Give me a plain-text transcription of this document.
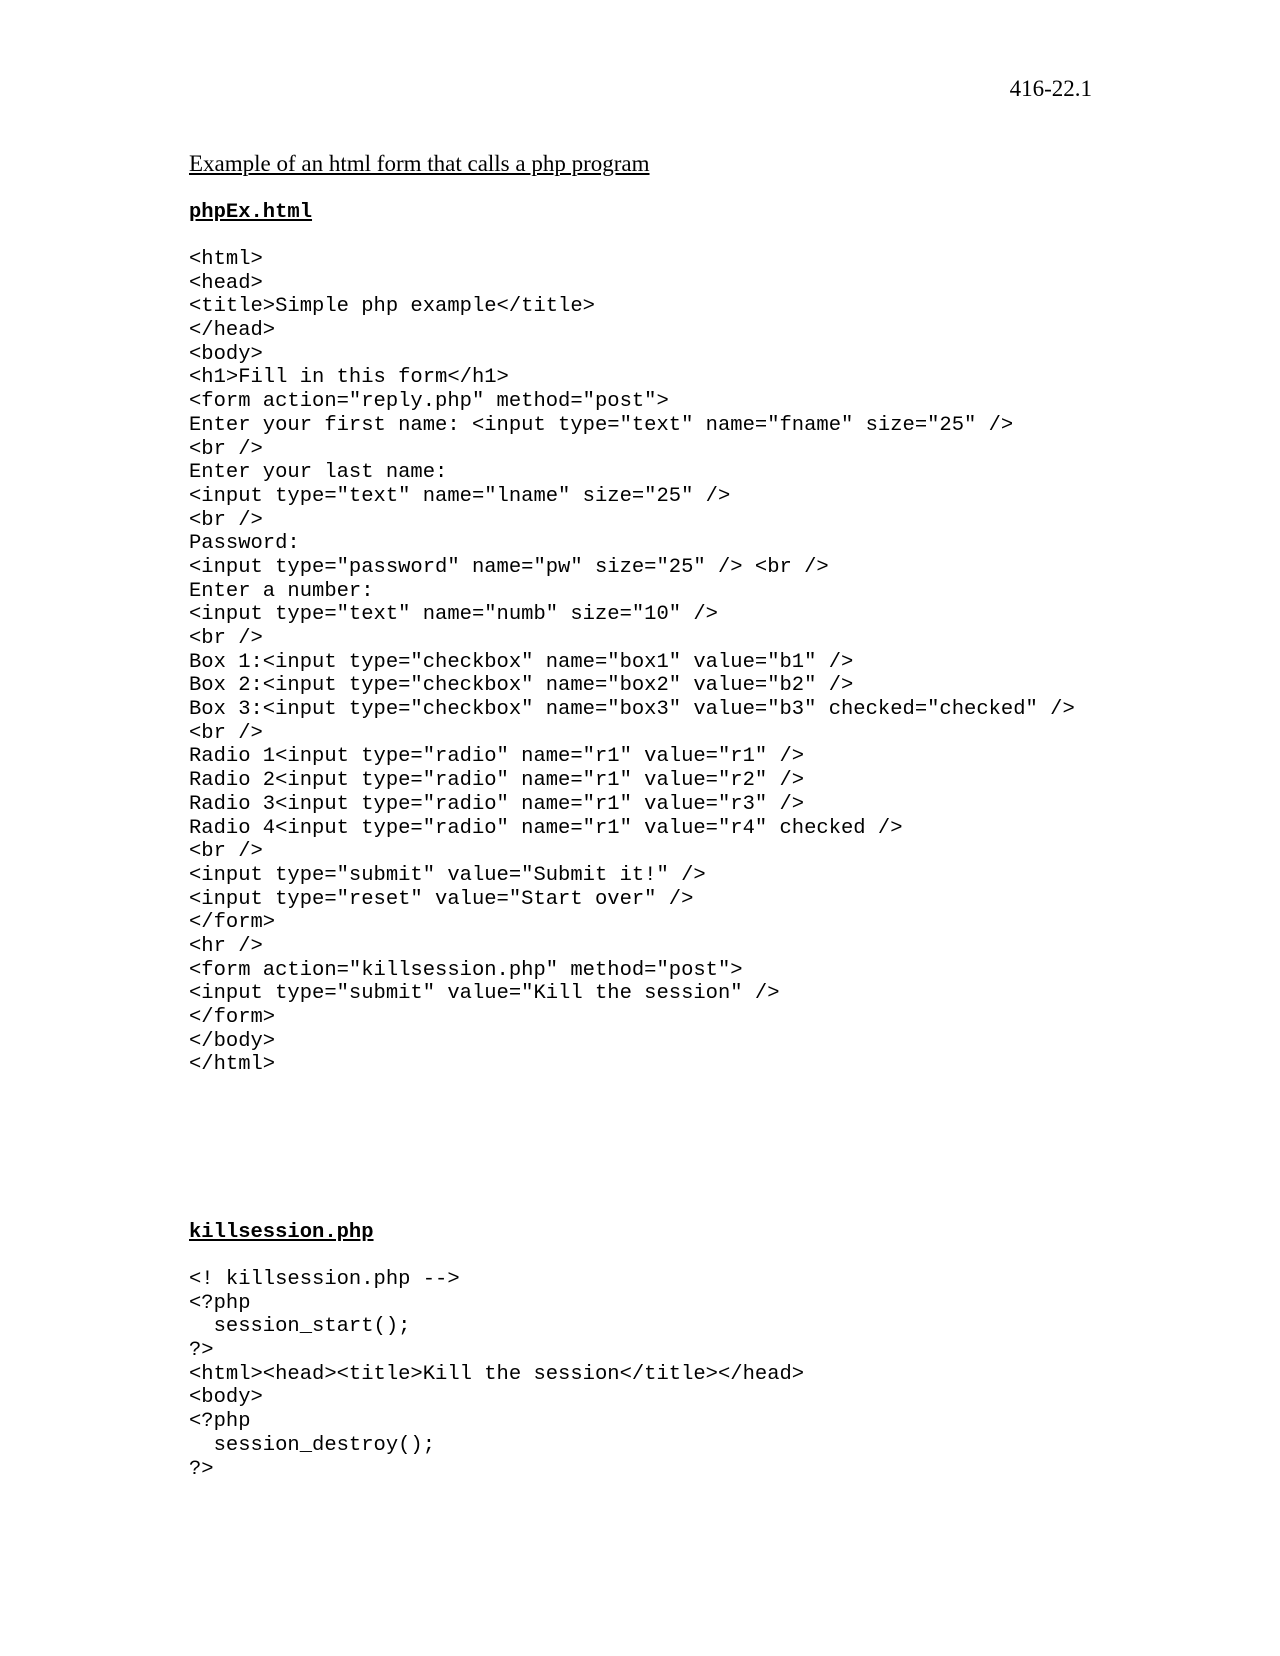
416-22.1
Example of an html form that calls a php program
phpEx.html
<html>
<head>
<title>Simple php example</title>
</head>
<body>
<h1>Fill in this form</h1>
<form action="reply.php" method="post">
Enter your first name: <input type="text" name="fname" size="25" />
<br />
Enter your last name:
<input type="text" name="lname" size="25" />
<br />
Password:
<input type="password" name="pw" size="25" /> <br />
Enter a number:
<input type="text" name="numb" size="10" />
<br />
Box 1:<input type="checkbox" name="box1" value="b1" />
Box 2:<input type="checkbox" name="box2" value="b2" />
Box 3:<input type="checkbox" name="box3" value="b3" checked="checked" />
<br />
Radio 1<input type="radio" name="r1" value="r1" />
Radio 2<input type="radio" name="r1" value="r2" />
Radio 3<input type="radio" name="r1" value="r3" />
Radio 4<input type="radio" name="r1" value="r4" checked />
<br />
<input type="submit" value="Submit it!" />
<input type="reset" value="Start over" />
</form>
<hr />
<form action="killsession.php" method="post">
<input type="submit" value="Kill the session" />
</form>
</body>
</html>
killsession.php
<! killsession.php -->
<?php
session_start();
?>
<html><head><title>Kill the session</title></head>
<body>
<?php
session_destroy();
?>
